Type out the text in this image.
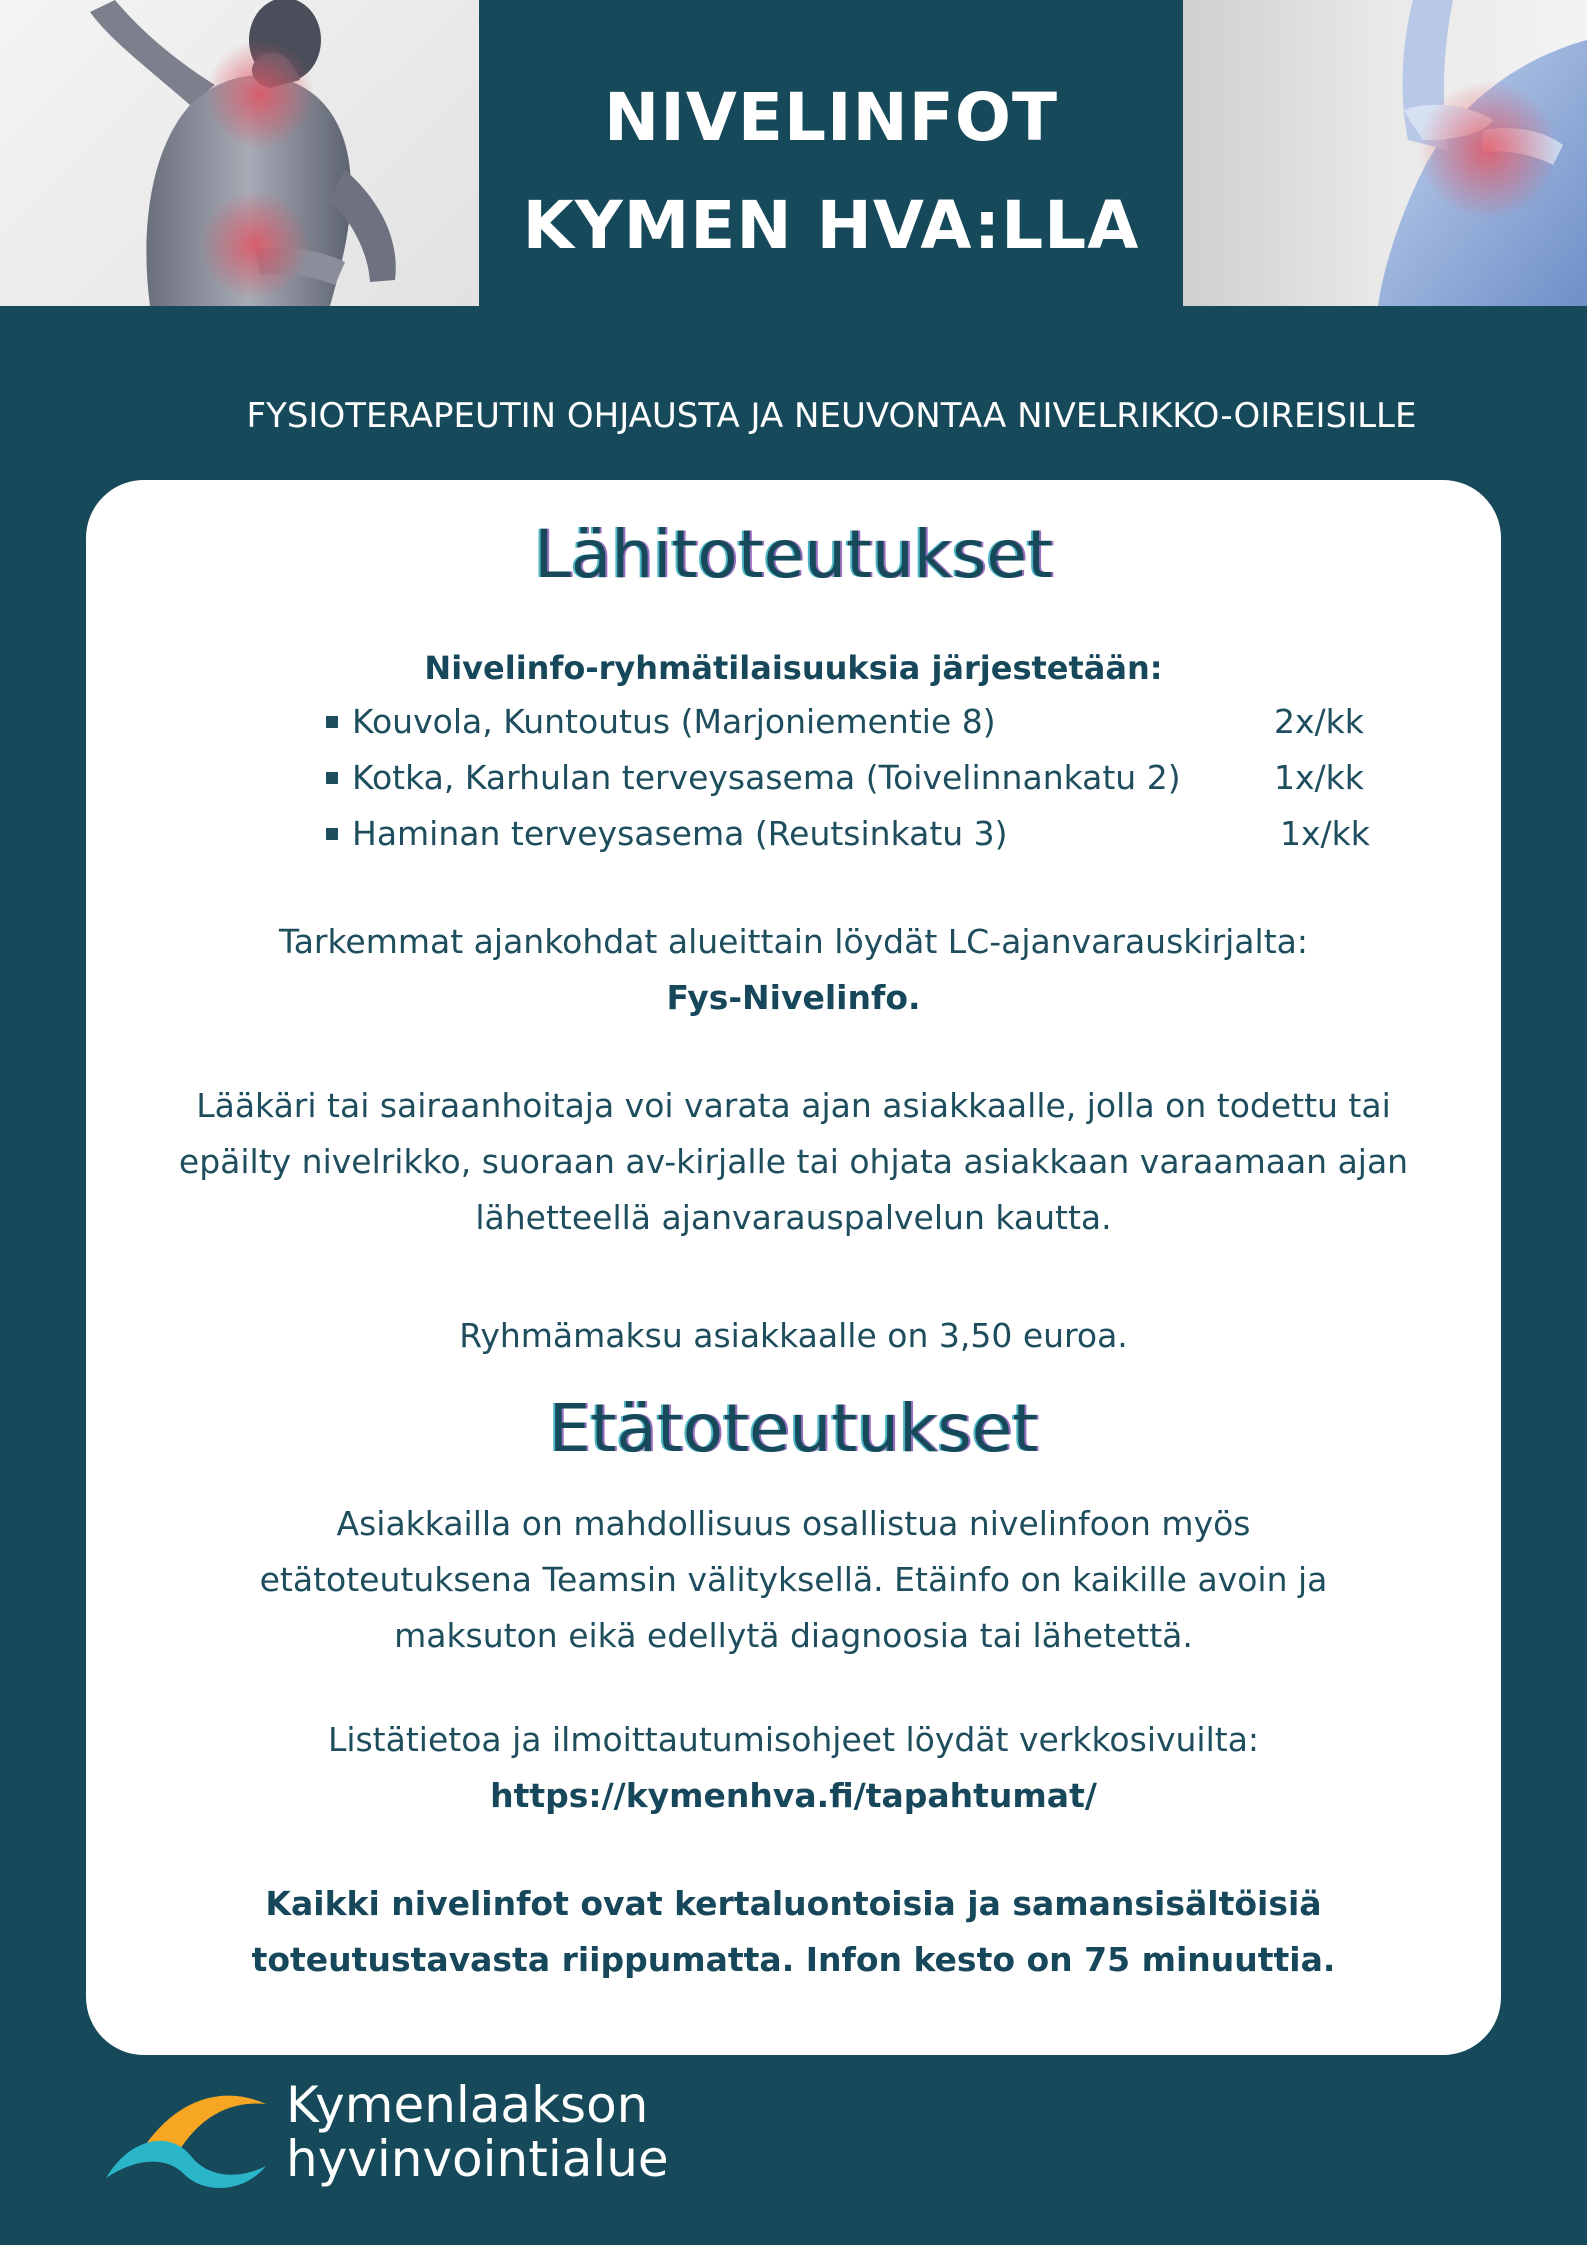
NIVELINFOT
KYMEN HVA:LLA
FYSIOTERAPEUTIN OHJAUSTA JA NEUVONTAA NIVELRIKKO-OIREISILLE
Lähitoteutukset
Nivelinfo-ryhmätilaisuuksia järjestetään:
Kouvola, Kuntoutus (Marjoniementie 8)	2x/kk
Kotka, Karhulan terveysasema (Toivelinnankatu 2)	1x/kk
Haminan terveysasema (Reutsinkatu 3)	1x/kk
Tarkemmat ajankohdat alueittain löydät LC-ajanvarauskirjalta:
Fys-Nivelinfo.
Lääkäri tai sairaanhoitaja voi varata ajan asiakkaalle, jolla on todettu tai
epäilty nivelrikko, suoraan av-kirjalle tai ohjata asiakkaan varaamaan ajan
lähetteellä ajanvarauspalvelun kautta.
Ryhmämaksu asiakkaalle on 3,50 euroa.
Etätoteutukset
Asiakkailla on mahdollisuus osallistua nivelinfoon myös
etätoteutuksena Teamsin välityksellä. Etäinfo on kaikille avoin ja
maksuton eikä edellytä diagnoosia tai lähetettä.
Listätietoa ja ilmoittautumisohjeet löydät verkkosivuilta:
https://kymenhva.fi/tapahtumat/
Kaikki nivelinfot ovat kertaluontoisia ja samansisältöisiä
toteutustavasta riippumatta. Infon kesto on 75 minuuttia.
Kymenlaakson
hyvinvointialue
